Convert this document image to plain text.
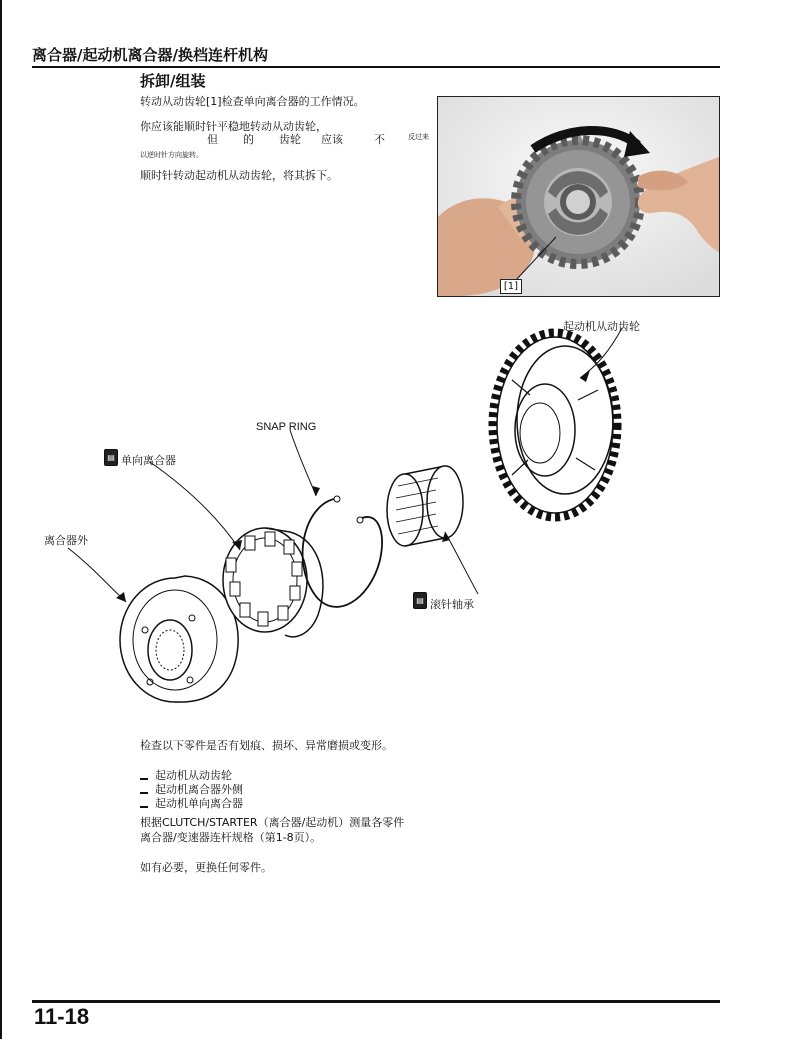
离合器/起动机离合器/换档连杆机构
拆卸/组装
转动从动齿轮[1]检查单向离合器的工作情况。
你应该能顺时针平稳地转动从动齿轮，
但 的 齿轮 应该	不	反过来
以逆时针方向旋转。
顺时针转动起动机从动齿轮，将其拆下。
[1]
起动机从动齿轮
SNAP RING
▤ 单向离合器
离合器外
▤ 滚针轴承
检查以下零件是否有划痕、损坏、异常磨损或变形。
起动机从动齿轮
起动机离合器外侧
起动机单向离合器
根据CLUTCH/STARTER（离合器/起动机）测量各零件
离合器/变速器连杆规格（第1-8页）。
如有必要，更换任何零件。
11-18
